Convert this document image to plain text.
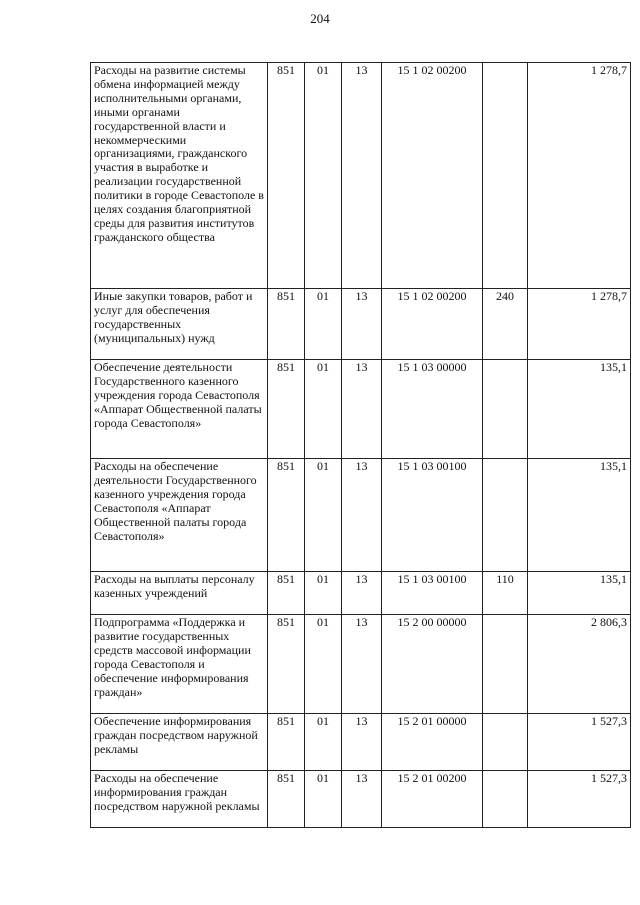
204
Расходы на развитие системы обмена информацией между исполнительными органами, иными органами государственной власти и некоммерческими организациями, гражданского участия в выработке и реализации государственной политики в городе Севастополе в целях создания благоприятной среды для развития институтов гражданского общества	851	01	13	15 1 02 00200		1 278,7
Иные закупки товаров, работ и услуг для обеспечения государственных (муниципальных) нужд	851	01	13	15 1 02 00200	240	1 278,7
Обеспечение деятельности Государственного казенного учреждения города Севастополя «Аппарат Общественной палаты города Севастополя»	851	01	13	15 1 03 00000		135,1
Расходы на обеспечение деятельности Государственного казенного учреждения города Севастополя «Аппарат Общественной палаты города Севастополя»	851	01	13	15 1 03 00100		135,1
Расходы на выплаты персоналу казенных учреждений	851	01	13	15 1 03 00100	110	135,1
Подпрограмма «Поддержка и развитие государственных средств массовой информации города Севастополя и обеспечение информирования граждан»	851	01	13	15 2 00 00000		2 806,3
Обеспечение информирования граждан посредством наружной рекламы	851	01	13	15 2 01 00000		1 527,3
Расходы на обеспечение информирования граждан посредством наружной рекламы	851	01	13	15 2 01 00200		1 527,3
